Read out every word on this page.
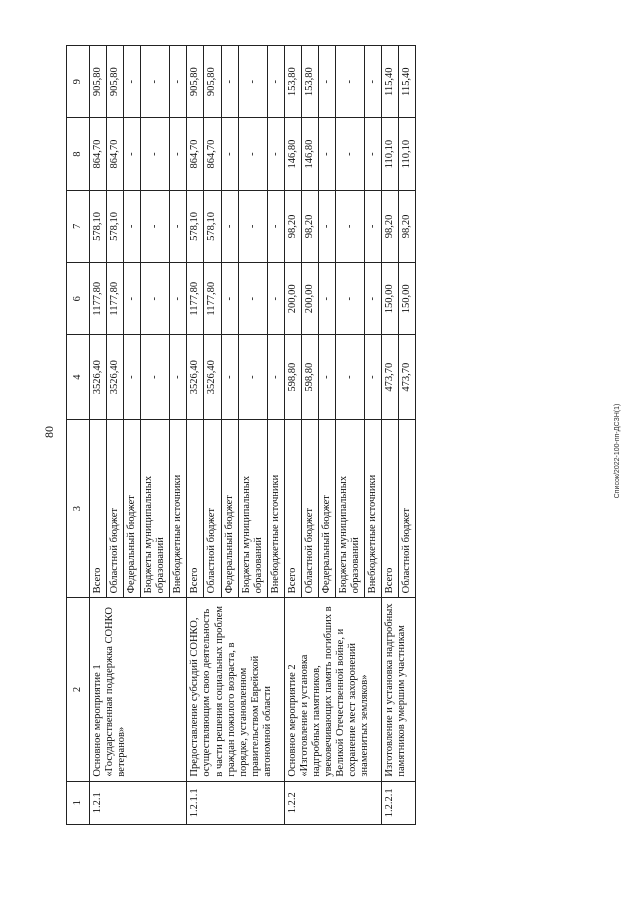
80	Список/2022-100-пп-ДСЗН(1)
1	2	3	4	6	7	8	9
1.2.1	Основное мероприятие 1 «Государственная поддержка СОНКО ветеранов»	Всего	3526,40	1177,80	578,10	864,70	905,80
		Областной бюджет	3526,40	1177,80	578,10	864,70	905,80
		Федеральный бюджет	-	-	-	-	-
		Бюджеты муниципальных образований	-	-	-	-	-
		Внебюджетные источники	-	-	-	-	-
1.2.1.1	Предоставление субсидий СОНКО, осуществляющим свою деятельность в части решения социальных проблем граждан пожилого возраста, в порядке, установленном правительством Еврейской автономной области	Всего	3526,40	1177,80	578,10	864,70	905,80
		Областной бюджет	3526,40	1177,80	578,10	864,70	905,80
		Федеральный бюджет	-	-	-	-	-
		Бюджеты муниципальных образований	-	-	-	-	-
		Внебюджетные источники	-	-	-	-	-
1.2.2	Основное мероприятие 2 «Изготовление и установка надгробных памятников, увековечивающих память погибших в Великой Отечественной войне, и сохранение мест захоронений знаменитых земляков»	Всего	598,80	200,00	98,20	146,80	153,80
		Областной бюджет	598,80	200,00	98,20	146,80	153,80
		Федеральный бюджет	-	-	-	-	-
		Бюджеты муниципальных образований	-	-	-	-	-
		Внебюджетные источники	-	-	-	-	-
1.2.2.1	Изготовление и установка надгробных памятников умершим участникам	Всего	473,70	150,00	98,20	110,10	115,40
		Областной бюджет	473,70	150,00	98,20	110,10	115,40
